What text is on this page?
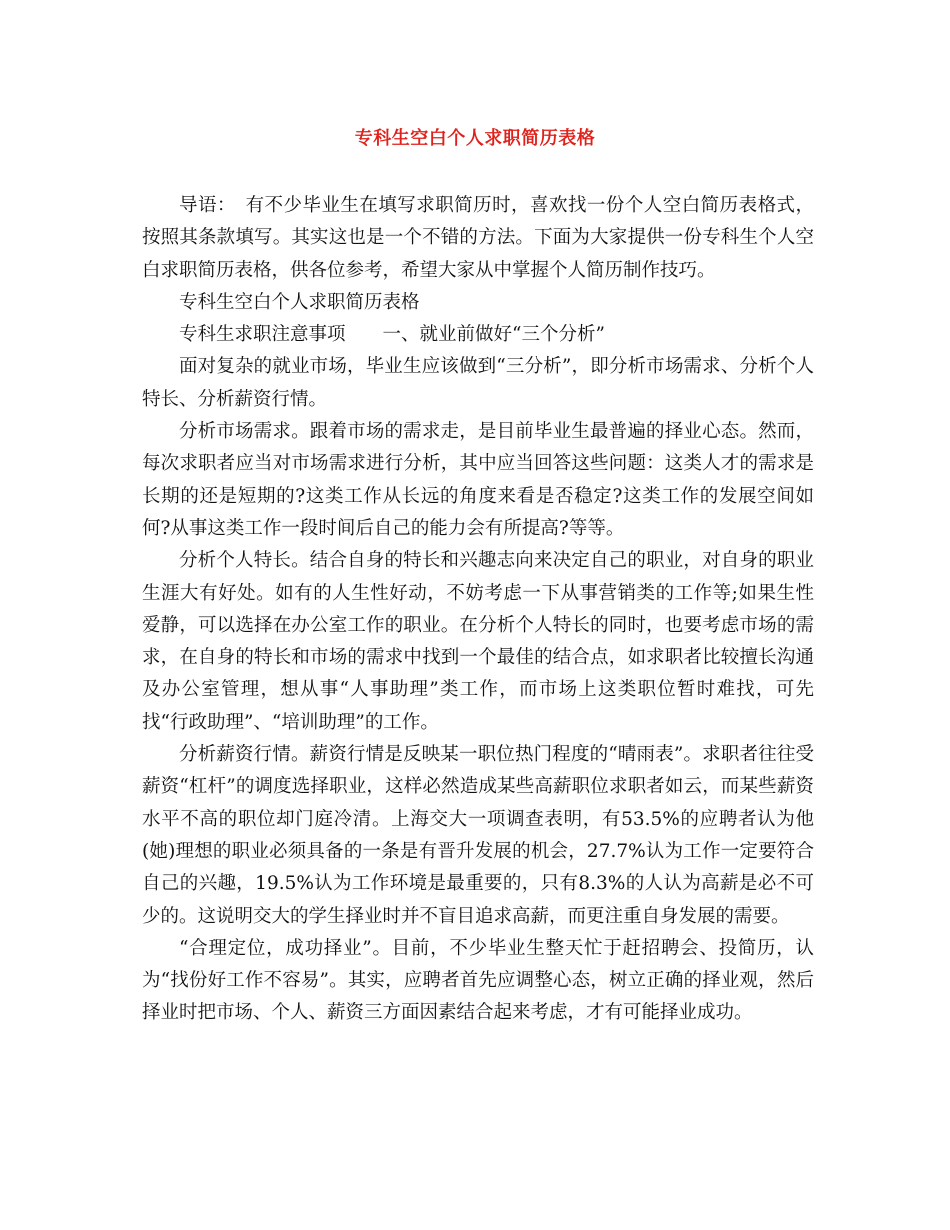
专科生空白个人求职简历表格

导语：　有不少毕业生在填写求职简历时，喜欢找一份个人空白简历表格式，按照其条款填写。其实这也是一个不错的方法。下面为大家提供一份专科生个人空白求职简历表格，供各位参考，希望大家从中掌握个人简历制作技巧。

专科生空白个人求职简历表格

专科生求职注意事项　　一、就业前做好“三个分析”

面对复杂的就业市场，毕业生应该做到“三分析”，即分析市场需求、分析个人特长、分析薪资行情。

分析市场需求。跟着市场的需求走，是目前毕业生最普遍的择业心态。然而，每次求职者应当对市场需求进行分析，其中应当回答这些问题：这类人才的需求是长期的还是短期的?这类工作从长远的角度来看是否稳定?这类工作的发展空间如何?从事这类工作一段时间后自己的能力会有所提高?等等。

分析个人特长。结合自身的特长和兴趣志向来决定自己的职业，对自身的职业生涯大有好处。如有的人生性好动，不妨考虑一下从事营销类的工作等;如果生性爱静，可以选择在办公室工作的职业。在分析个人特长的同时，也要考虑市场的需求，在自身的特长和市场的需求中找到一个最佳的结合点，如求职者比较擅长沟通及办公室管理，想从事“人事助理”类工作，而市场上这类职位暂时难找，可先找“行政助理”、“培训助理”的工作。

分析薪资行情。薪资行情是反映某一职位热门程度的“晴雨表”。求职者往往受薪资“杠杆”的调度选择职业，这样必然造成某些高薪职位求职者如云，而某些薪资水平不高的职位却门庭冷清。上海交大一项调查表明，有53.5%的应聘者认为他(她)理想的职业必须具备的一条是有晋升发展的机会，27.7%认为工作一定要符合自己的兴趣，19.5%认为工作环境是最重要的，只有8.3%的人认为高薪是必不可少的。这说明交大的学生择业时并不盲目追求高薪，而更注重自身发展的需要。

“合理定位，成功择业”。目前，不少毕业生整天忙于赶招聘会、投简历，认为“找份好工作不容易”。其实，应聘者首先应调整心态，树立正确的择业观，然后择业时把市场、个人、薪资三方面因素结合起来考虑，才有可能择业成功。
